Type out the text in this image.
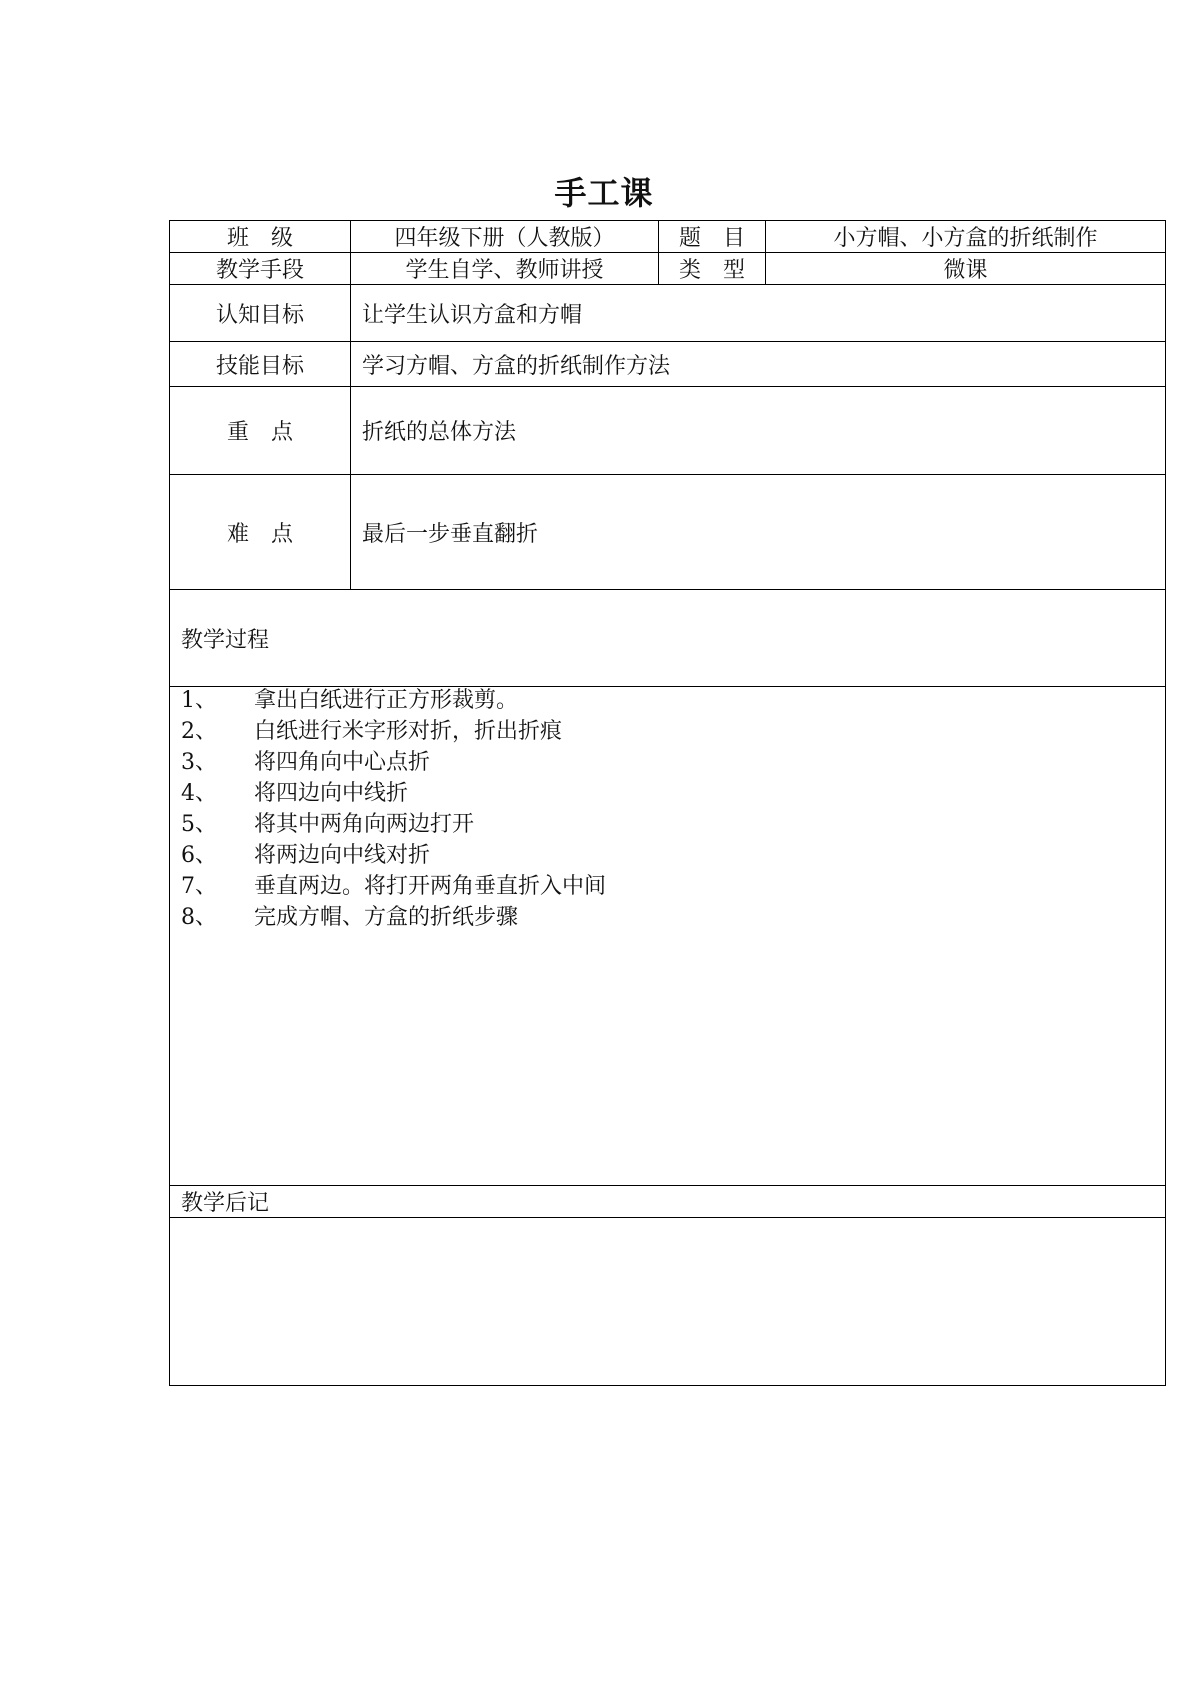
手工课
班　级	四年级下册（人教版）	题　目	小方帽、小方盒的折纸制作
教学手段	学生自学、教师讲授	类　型	微课
认知目标	让学生认识方盒和方帽
技能目标	学习方帽、方盒的折纸制作方法
重　点	折纸的总体方法
难　点	最后一步垂直翻折
教学过程
1、	拿出白纸进行正方形裁剪。
2、	白纸进行米字形对折，折出折痕
3、	将四角向中心点折
4、	将四边向中线折
5、	将其中两角向两边打开
6、	将两边向中线对折
7、	垂直两边。将打开两角垂直折入中间
8、	完成方帽、方盒的折纸步骤
教学后记
